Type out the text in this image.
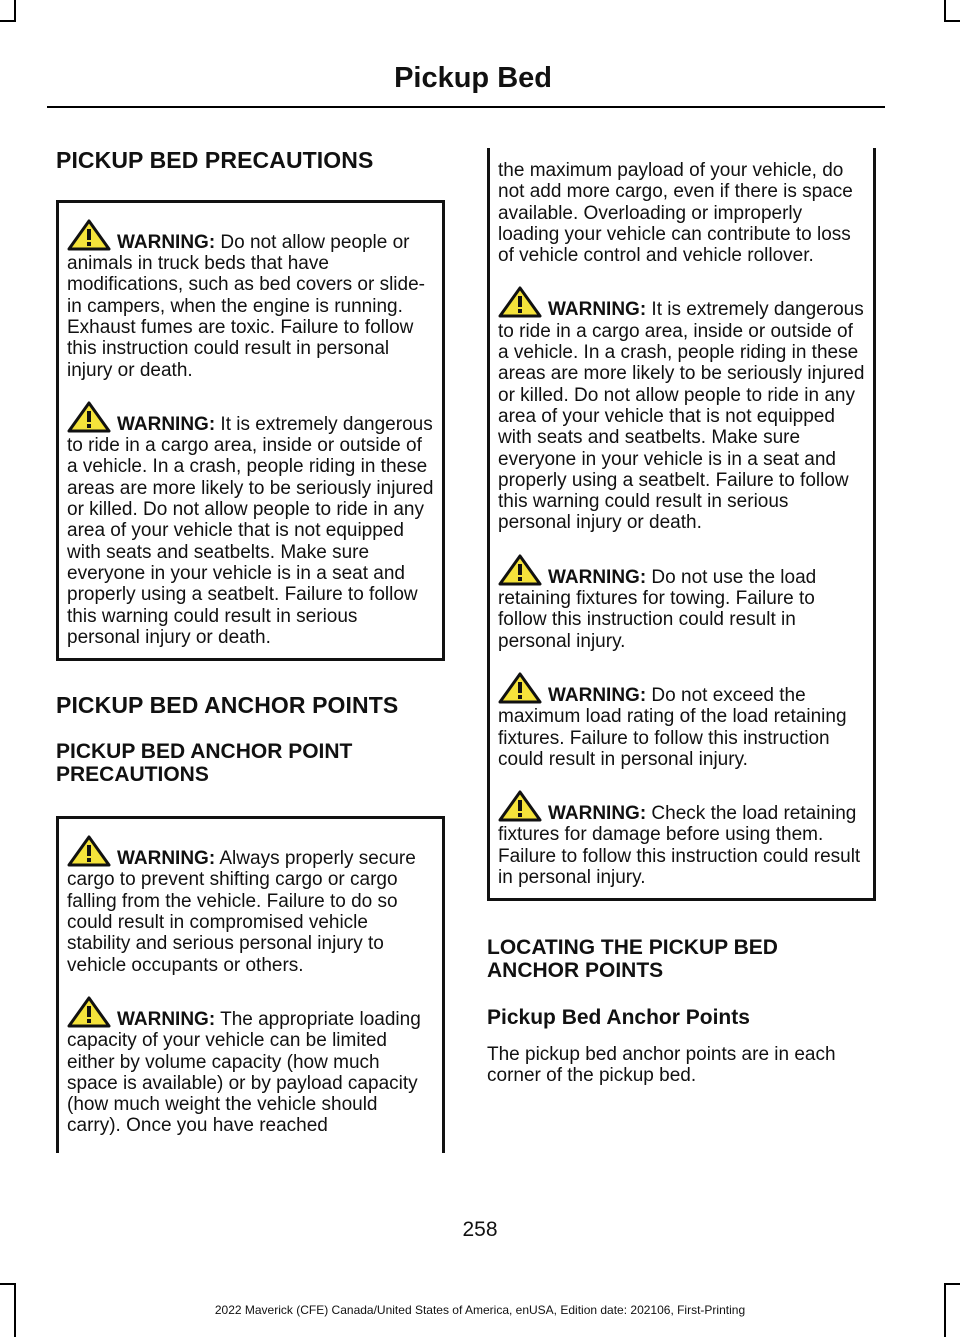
Pickup Bed
PICKUP BED PRECAUTIONS

WARNING: Do not allow people or animals in truck beds that have modifications, such as bed covers or slide-in campers, when the engine is running. Exhaust fumes are toxic. Failure to follow this instruction could result in personal injury or death.

WARNING: It is extremely dangerous to ride in a cargo area, inside or outside of a vehicle. In a crash, people riding in these areas are more likely to be seriously injured or killed. Do not allow people to ride in any area of your vehicle that is not equipped with seats and seatbelts. Make sure everyone in your vehicle is in a seat and properly using a seatbelt. Failure to follow this warning could result in serious personal injury or death.

PICKUP BED ANCHOR POINTS
PICKUP BED ANCHOR POINT PRECAUTIONS

WARNING: Always properly secure cargo to prevent shifting cargo or cargo falling from the vehicle. Failure to do so could result in compromised vehicle stability and serious personal injury to vehicle occupants or others.

WARNING: The appropriate loading capacity of your vehicle can be limited either by volume capacity (how much space is available) or by payload capacity (how much weight the vehicle should carry). Once you have reached

the maximum payload of your vehicle, do not add more cargo, even if there is space available. Overloading or improperly loading your vehicle can contribute to loss of vehicle control and vehicle rollover.

WARNING: It is extremely dangerous to ride in a cargo area, inside or outside of a vehicle. In a crash, people riding in these areas are more likely to be seriously injured or killed. Do not allow people to ride in any area of your vehicle that is not equipped with seats and seatbelts. Make sure everyone in your vehicle is in a seat and properly using a seatbelt. Failure to follow this warning could result in serious personal injury or death.

WARNING: Do not use the load retaining fixtures for towing. Failure to follow this instruction could result in personal injury.

WARNING: Do not exceed the maximum load rating of the load retaining fixtures. Failure to follow this instruction could result in personal injury.

WARNING: Check the load retaining fixtures for damage before using them. Failure to follow this instruction could result in personal injury.

LOCATING THE PICKUP BED ANCHOR POINTS
Pickup Bed Anchor Points

The pickup bed anchor points are in each corner of the pickup bed.

258

2022 Maverick (CFE) Canada/United States of America, enUSA, Edition date: 202106, First-Printing
